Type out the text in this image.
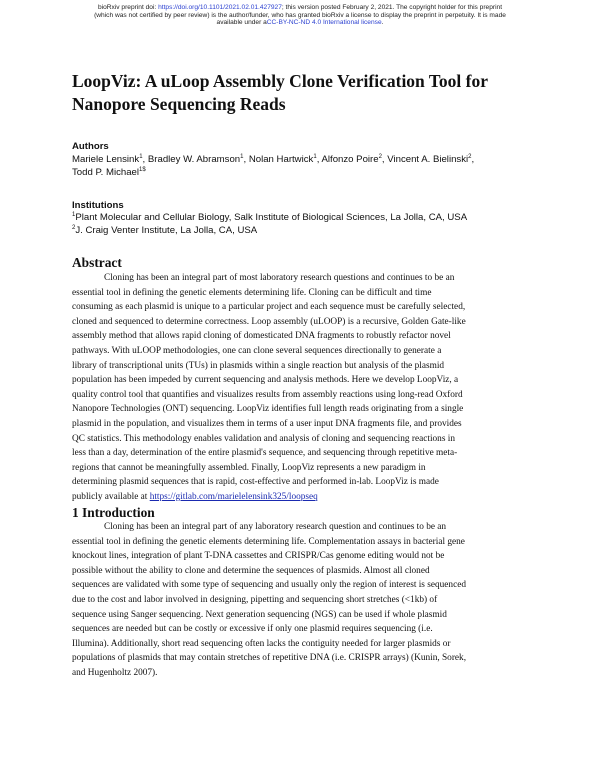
bioRxiv preprint doi: https://doi.org/10.1101/2021.02.01.427927; this version posted February 2, 2021. The copyright holder for this preprint
(which was not certified by peer review) is the author/funder, who has granted bioRxiv a license to display the preprint in perpetuity. It is made
available under aCC-BY-NC-ND 4.0 International license.
LoopViz: A uLoop Assembly Clone Verification Tool for
Nanopore Sequencing Reads
Authors
Mariele Lensink$^1$, Bradley W. Abramson$^1$, Nolan Hartwick$^1$, Alfonzo Poire$^2$, Vincent A. Bielinski$^2$,
Todd P. Michael$^{1\$}$
Institutions
$^1$Plant Molecular and Cellular Biology, Salk Institute of Biological Sciences, La Jolla, CA, USA
$^2$J. Craig Venter Institute, La Jolla, CA, USA
Abstract
Cloning has been an integral part of most laboratory research questions and continues to be an
essential tool in defining the genetic elements determining life. Cloning can be difficult and time
consuming as each plasmid is unique to a particular project and each sequence must be carefully selected,
cloned and sequenced to determine correctness. Loop assembly (uLOOP) is a recursive, Golden Gate-like
assembly method that allows rapid cloning of domesticated DNA fragments to robustly refactor novel
pathways. With uLOOP methodologies, one can clone several sequences directionally to generate a
library of transcriptional units (TUs) in plasmids within a single reaction but analysis of the plasmid
population has been impeded by current sequencing and analysis methods. Here we develop LoopViz, a
quality control tool that quantifies and visualizes results from assembly reactions using long-read Oxford
Nanopore Technologies (ONT) sequencing. LoopViz identifies full length reads originating from a single
plasmid in the population, and visualizes them in terms of a user input DNA fragments file, and provides
QC statistics. This methodology enables validation and analysis of cloning and sequencing reactions in
less than a day, determination of the entire plasmid's sequence, and sequencing through repetitive meta-
regions that cannot be meaningfully assembled. Finally, LoopViz represents a new paradigm in
determining plasmid sequences that is rapid, cost-effective and performed in-lab. LoopViz is made
publicly available at https://gitlab.com/marielelensink325/loopseq
1 Introduction
Cloning has been an integral part of any laboratory research question and continues to be an
essential tool in defining the genetic elements determining life. Complementation assays in bacterial gene
knockout lines, integration of plant T-DNA cassettes and CRISPR/Cas genome editing would not be
possible without the ability to clone and determine the sequences of plasmids. Almost all cloned
sequences are validated with some type of sequencing and usually only the region of interest is sequenced
due to the cost and labor involved in designing, pipetting and sequencing short stretches (<1kb) of
sequence using Sanger sequencing. Next generation sequencing (NGS) can be used if whole plasmid
sequences are needed but can be costly or excessive if only one plasmid requires sequencing (i.e.
Illumina). Additionally, short read sequencing often lacks the contiguity needed for larger plasmids or
populations of plasmids that may contain stretches of repetitive DNA (i.e. CRISPR arrays) (Kunin, Sorek,
and Hugenholtz 2007).
